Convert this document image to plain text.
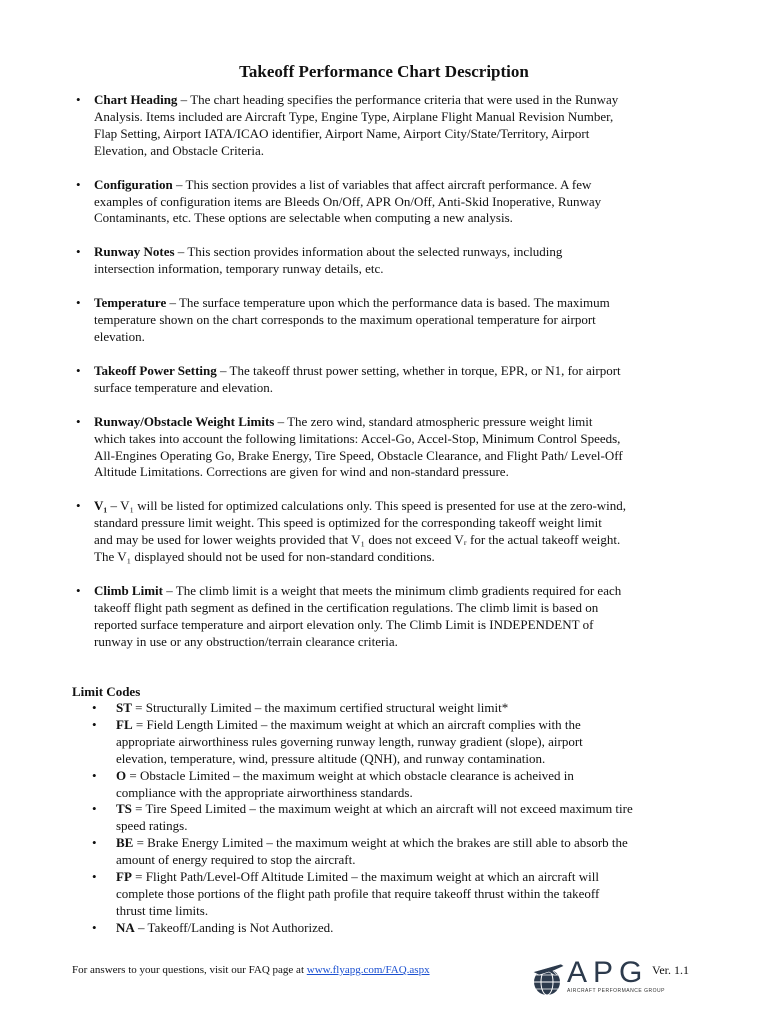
Takeoff Performance Chart Description
• Chart Heading – The chart heading specifies the performance criteria that were used in the Runway
Analysis. Items included are Aircraft Type, Engine Type, Airplane Flight Manual Revision Number,
Flap Setting, Airport IATA/ICAO identifier, Airport Name, Airport City/State/Territory, Airport
Elevation, and Obstacle Criteria.
• Configuration – This section provides a list of variables that affect aircraft performance. A few
examples of configuration items are Bleeds On/Off, APR On/Off, Anti-Skid Inoperative, Runway
Contaminants, etc. These options are selectable when computing a new analysis.
• Runway Notes – This section provides information about the selected runways, including
intersection information, temporary runway details, etc.
• Temperature – The surface temperature upon which the performance data is based. The maximum
temperature shown on the chart corresponds to the maximum operational temperature for airport
elevation.
• Takeoff Power Setting – The takeoff thrust power setting, whether in torque, EPR, or N1, for airport
surface temperature and elevation.
• Runway/Obstacle Weight Limits – The zero wind, standard atmospheric pressure weight limit
which takes into account the following limitations: Accel-Go, Accel-Stop, Minimum Control Speeds,
All-Engines Operating Go, Brake Energy, Tire Speed, Obstacle Clearance, and Flight Path/ Level-Off
Altitude Limitations. Corrections are given for wind and non-standard pressure.
• V₁ – V₁ will be listed for optimized calculations only. This speed is presented for use at the zero-wind,
standard pressure limit weight. This speed is optimized for the corresponding takeoff weight limit
and may be used for lower weights provided that V₁ does not exceed Vᵣ for the actual takeoff weight.
The V₁ displayed should not be used for non-standard conditions.
• Climb Limit – The climb limit is a weight that meets the minimum climb gradients required for each
takeoff flight path segment as defined in the certification regulations. The climb limit is based on
reported surface temperature and airport elevation only. The Climb Limit is INDEPENDENT of
runway in use or any obstruction/terrain clearance criteria.
Limit Codes
• ST = Structurally Limited – the maximum certified structural weight limit*
• FL = Field Length Limited – the maximum weight at which an aircraft complies with the
appropriate airworthiness rules governing runway length, runway gradient (slope), airport
elevation, temperature, wind, pressure altitude (QNH), and runway contamination.
• O = Obstacle Limited – the maximum weight at which obstacle clearance is acheived in
compliance with the appropriate airworthiness standards.
• TS = Tire Speed Limited – the maximum weight at which an aircraft will not exceed maximum tire
speed ratings.
• BE = Brake Energy Limited – the maximum weight at which the brakes are still able to absorb the
amount of energy required to stop the aircraft.
• FP = Flight Path/Level-Off Altitude Limited – the maximum weight at which an aircraft will
complete those portions of the flight path profile that require takeoff thrust within the takeoff
thrust time limits.
• NA – Takeoff/Landing is Not Authorized.
For answers to your questions, visit our FAQ page at www.flyapg.com/FAQ.aspx	APG
AIRCRAFT PERFORMANCE GROUP
Ver. 1.1
